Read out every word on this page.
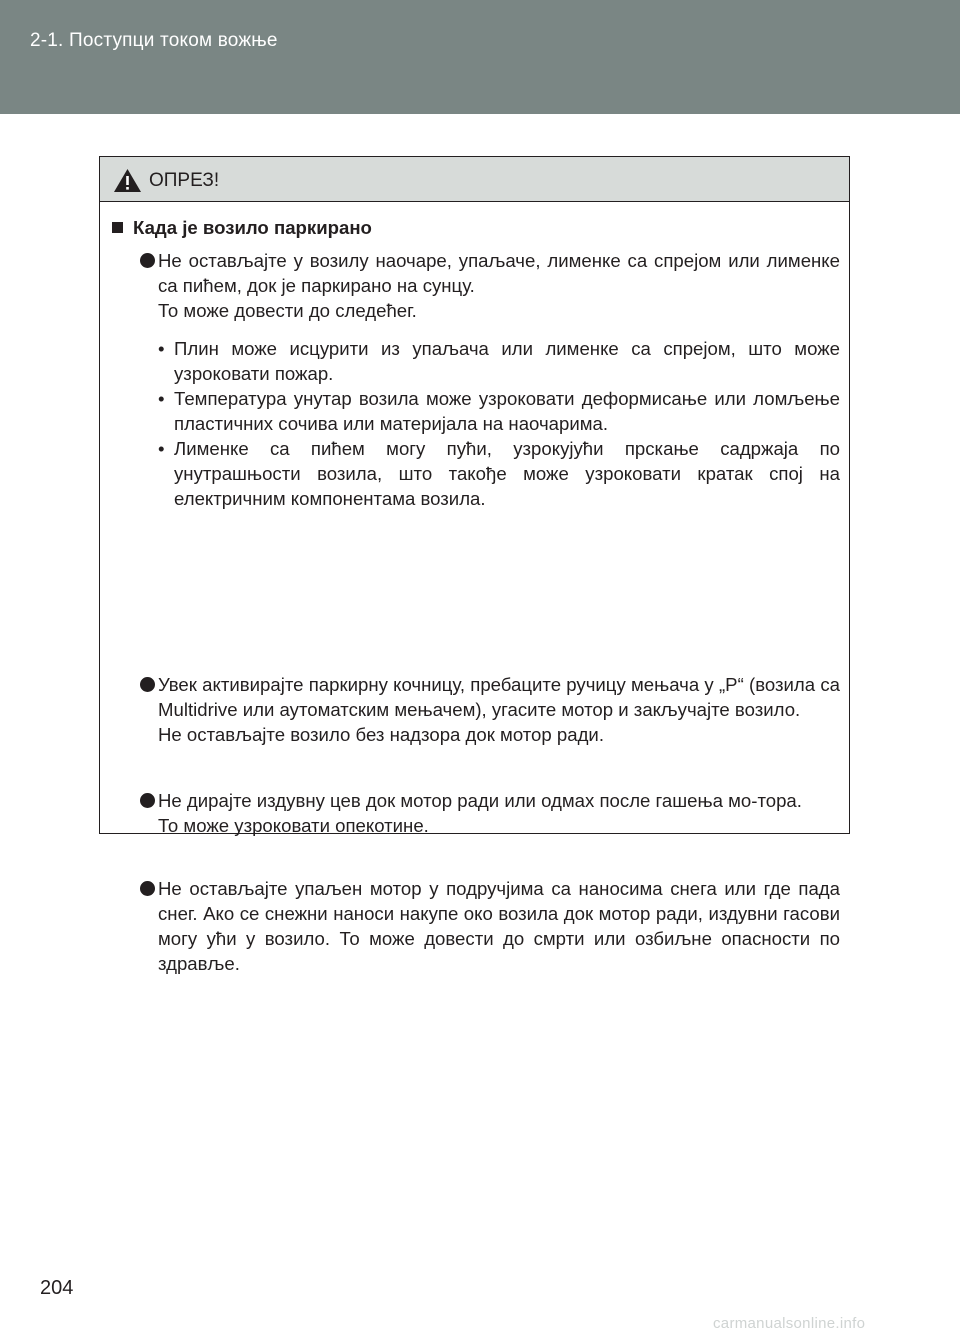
2-1. Поступци током вожње
ОПРЕЗ!
Када је возило паркирано

Не остављајте у возилу наочаре, упаљаче, лименке са спрејом или лименке са пићем, док је паркирано на сунцу.

То може довести до следећег.

• Плин може исцурити из упаљача или лименке са спрејом, што може узроковати пожар.
• Температура унутар возила може узроковати деформисање или ломљење пластичних сочива или материјала на наочарима.
• Лименке са пићем могу пући, узрокујући прскање садржаја по унутрашњости возила, што такође може узроковати кратак спој на електричним компонентама возила.

Увек активирајте паркирну кочницу, пребаците ручицу мењача у „P“ (возила са Multidrive или аутоматским мењачем), угасите мотор и закључајте возило.

Не остављајте возило без надзора док мотор ради.

Не дирајте издувну цев док мотор ради или одмах после гашења мо-тора.

То може узроковати опекотине.

Не остављајте упаљен мотор у подручјима са наносима снега или где пада снег. Ако се снежни наноси накупе око возила док мотор ради, издувни гасови могу ући у возило. То може довести до смрти или озбиљне опасности по здравље.

204
carmanualsonline.info
